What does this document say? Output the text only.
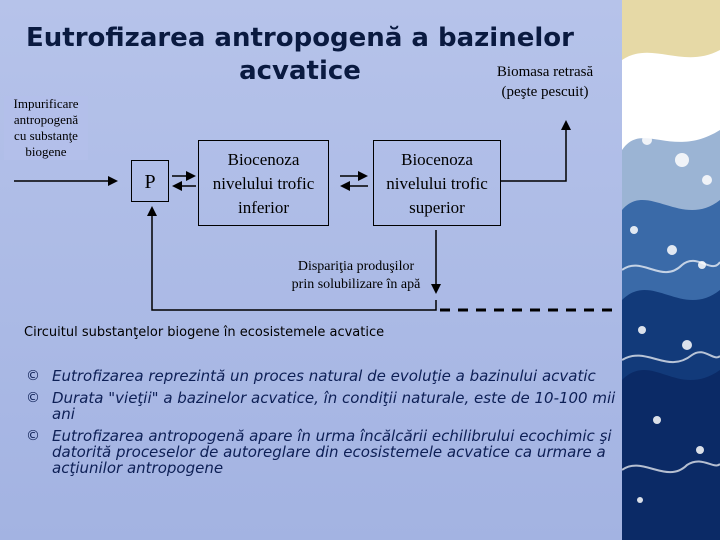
Eutrofizarea antropogenă a bazinelor
acvatice
Impurificare
antropogenă
cu substanţe
biogene
P
Biocenoza
nivelului trofic
inferior
Biocenoza
nivelului trofic
superior
Biomasa retrasă
(peşte pescuit)
Dispariţia produşilor
prin solubilizare în apă
Circuitul substanţelor biogene în ecosistemele acvatice
© Eutrofizarea reprezintă un proces natural de evoluţie a bazinului acvatic
© Durata "vieţii" a bazinelor acvatice, în condiţii naturale, este de 10-100 mii ani
© Eutrofizarea antropogenă apare în urma încălcării echilibrului ecochimic şi datorită proceselor de autoreglare din ecosistemele acvatice ca urmare a acţiunilor antropogene
